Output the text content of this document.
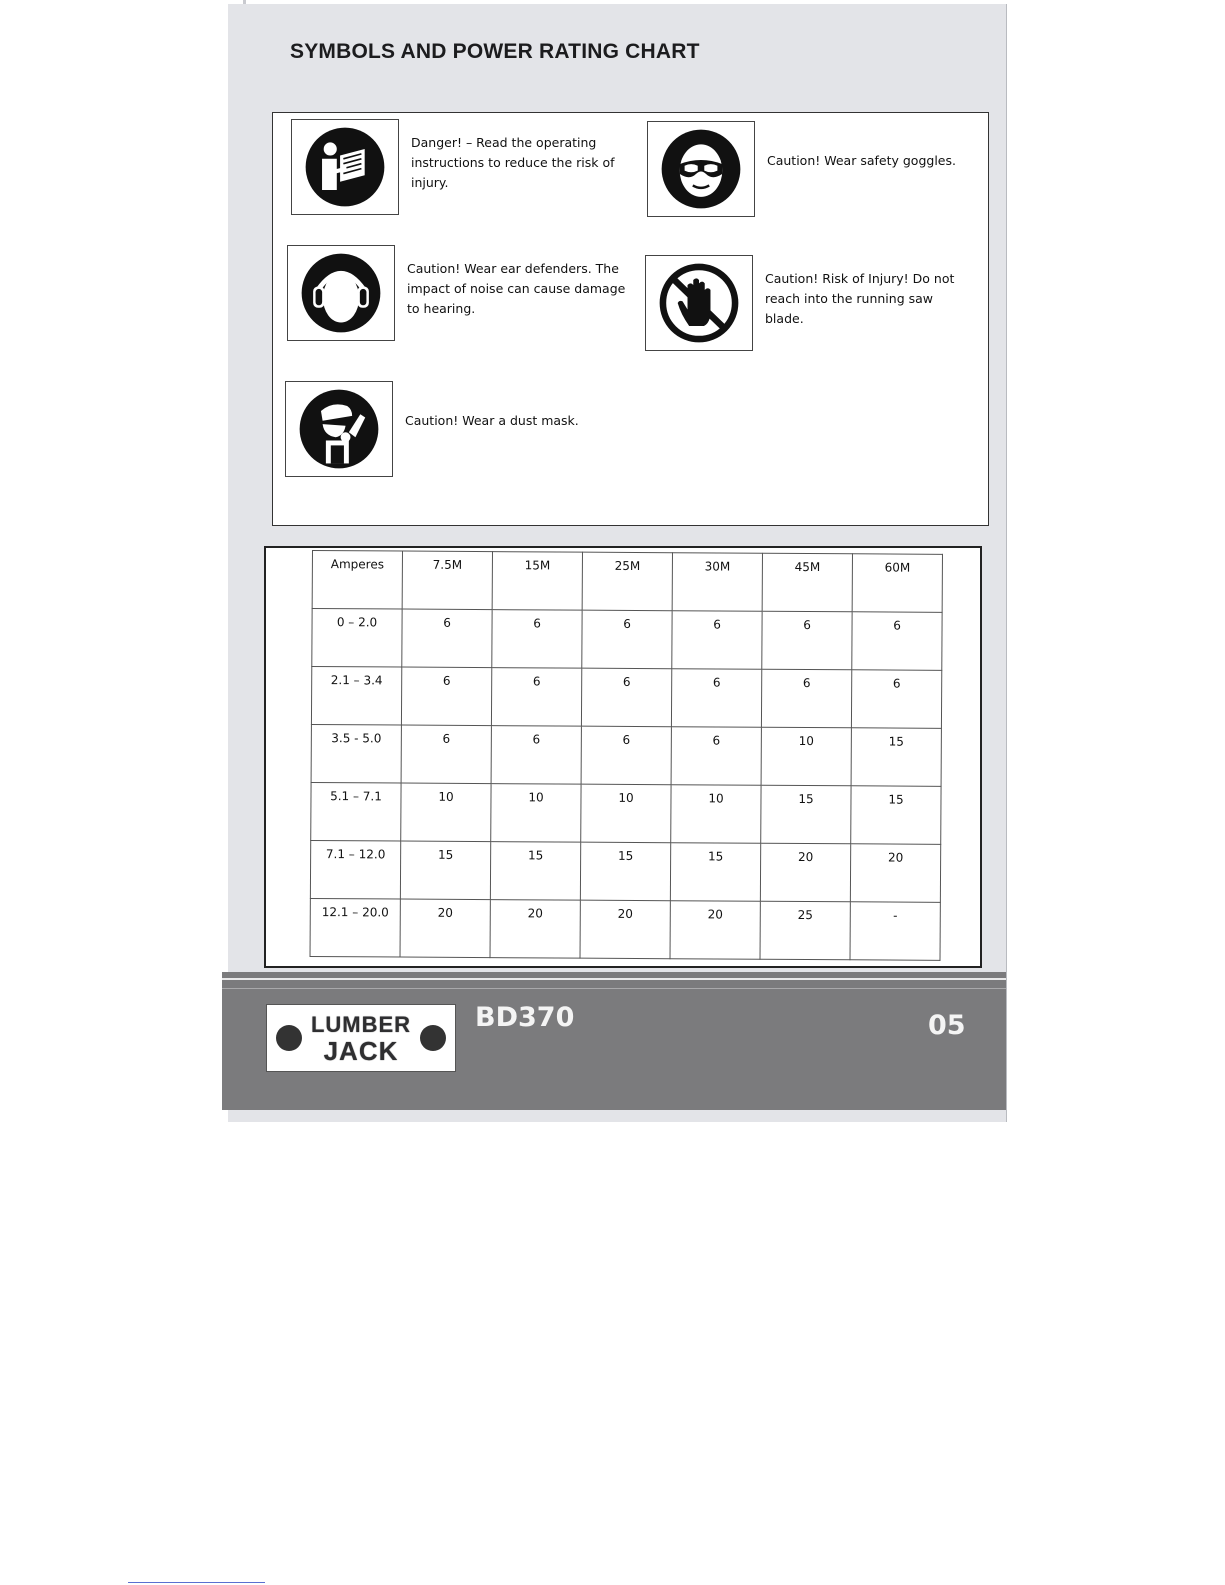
SYMBOLS AND POWER RATING CHART
Danger! – Read the operating instructions to reduce the risk of injury.
Caution! Wear safety goggles.
Caution! Wear ear defenders. The impact of noise can cause damage to hearing.
Caution! Risk of Injury! Do not reach into the running saw blade.
Caution! Wear a dust mask.
Amperes	7.5M	15M	25M	30M	45M	60M
0 – 2.0	6	6	6	6	6	6
2.1 – 3.4	6	6	6	6	6	6
3.5 - 5.0	6	6	6	6	10	15
5.1 – 7.1	10	10	10	10	15	15
7.1 – 12.0	15	15	15	15	20	20
12.1 – 20.0	20	20	20	20	25	-
LUMBER
JACK
BD370	05
